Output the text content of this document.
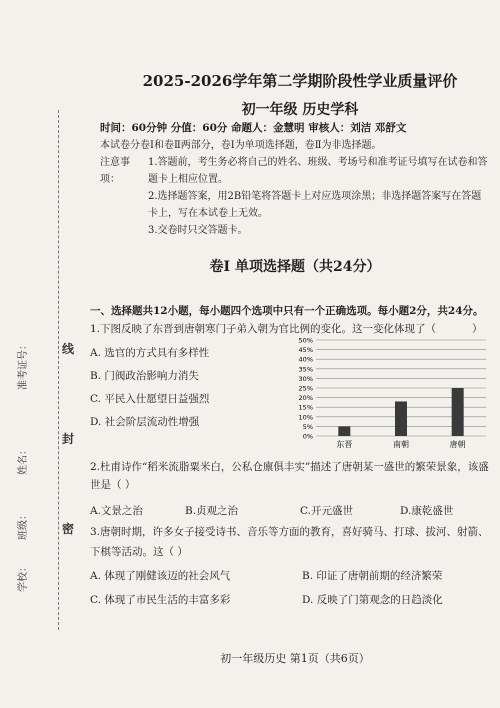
学校：
班级：
姓名：
准考证号：
密
封
线
2025-2026学年第二学期阶段性学业质量评价
初一年级 历史学科
时间：60分钟 分值：60分 命题人：金慧明 审核人：刘洁 邓舒文
本试卷分卷Ⅰ和卷Ⅱ两部分，卷Ⅰ为单项选择题，卷Ⅱ为非选择题。
注意事项：
1.答题前，考生务必将自己的姓名、班级、考场号和准考证号填写在试卷和答题卡上相应位置。
2.选择题答案，用2B铅笔将答题卡上对应选项涂黑；非选择题答案写在答题卡上，写在本试卷上无效。
3.交卷时只交答题卡。
卷Ⅰ 单项选择题（共24分）
一、选择题共12小题，每小题四个选项中只有一个正确选项。每小题2分，共24分。
1.下图反映了东晋到唐朝寒门子弟入朝为官比例的变化。这一变化体现了（	）
A. 选官的方式具有多样性
B. 门阀政治影响力消失
C. 平民入仕愿望日益强烈
D. 社会阶层流动性增强
0%
5%
10%
15%
20%
25%
30%
35%
40%
45%
50%
东晋	南朝	唐朝
2.杜甫诗作“稻米流脂粟米白，公私仓廪俱丰实”描述了唐朝某一盛世的繁荣景象，该盛世是（ ）
A.文景之治	B.贞观之治	C.开元盛世	D.康乾盛世
3.唐朝时期，许多女子接受诗书、音乐等方面的教育，喜好骑马、打球、拔河、射箭、下棋等活动。这（ ）
A. 体现了刚健该迈的社会风气	B. 印证了唐朝前期的经济繁荣
C. 体现了市民生活的丰富多彩	D. 反映了门第观念的日趋淡化
初一年级历史 第1页（共6页）
